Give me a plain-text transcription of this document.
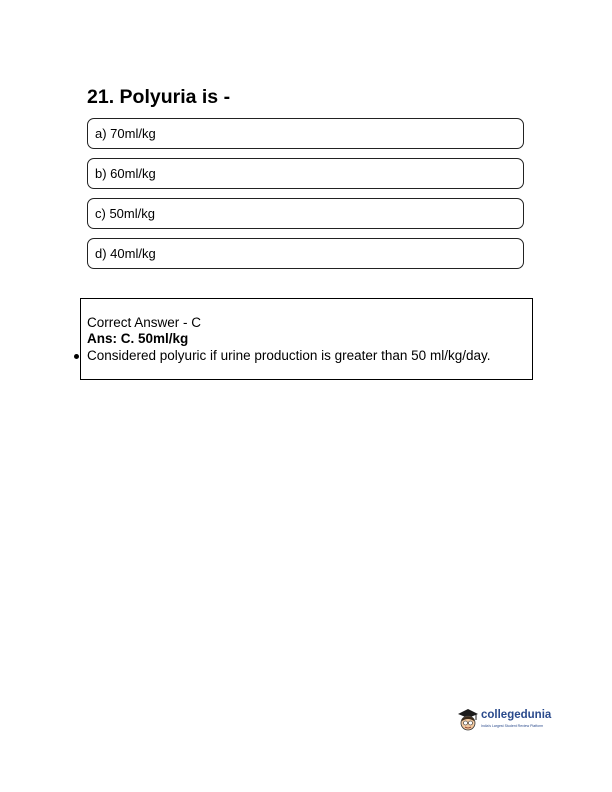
21. Polyuria is -
a) 70ml/kg
b) 60ml/kg
c) 50ml/kg
d) 40ml/kg
Correct Answer - C
Ans: C. 50ml/kg
Considered polyuric if urine production is greater than 50 ml/kg/day.
collegedunia
India's Largest Student Review Platform
